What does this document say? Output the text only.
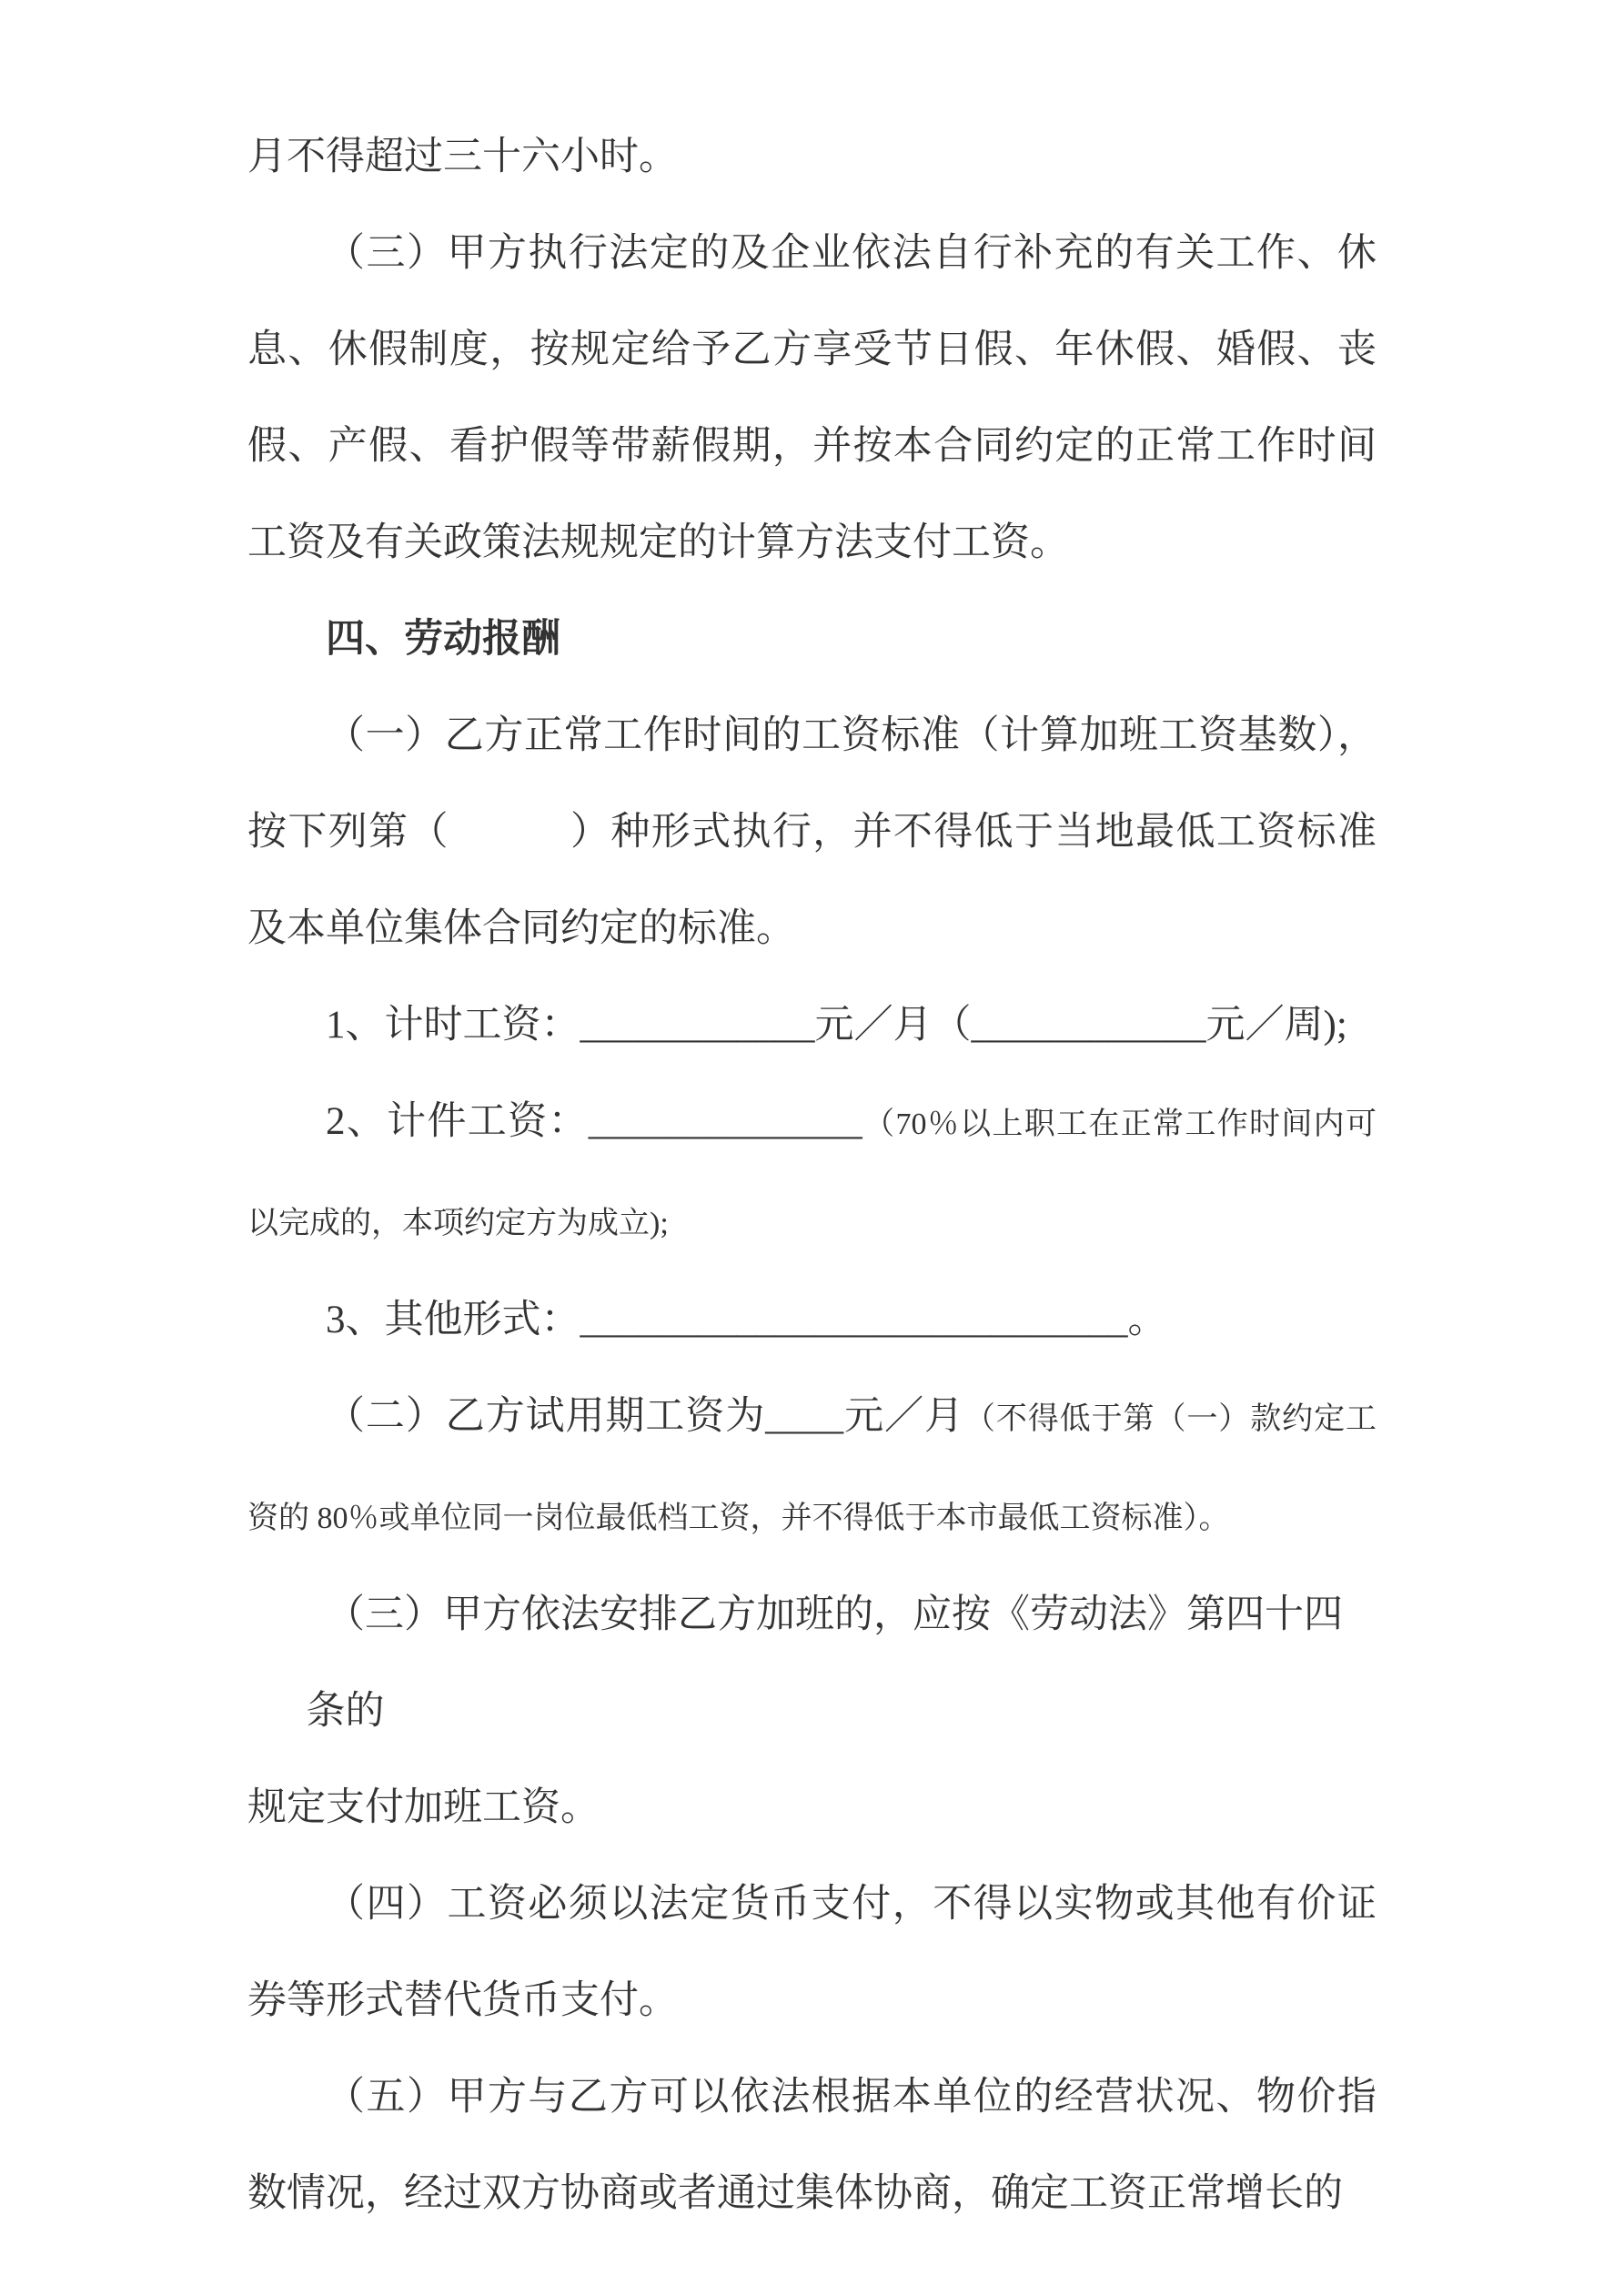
月不得超过三十六小时。

（三）甲方执行法定的及企业依法自行补充的有关工作、休息、休假制度，按规定给予乙方享受节日假、年休假、婚假、丧假、产假、看护假等带薪假期，并按本合同约定的正常工作时间工资及有关政策法规规定的计算方法支付工资。

四、劳动报酬

（一）乙方正常工作时间的工资标准（计算加班工资基数），按下列第（　　　）种形式执行，并不得低于当地最低工资标准及本单位集体合同约定的标准。

1、计时工资：____________元／月（____________元／周);

2、计件工资：______________（70％以上职工在正常工作时间内可以完成的，本项约定方为成立);

3、其他形式：____________________________。

（二）乙方试用期工资为____元／月（不得低于第（一）款约定工资的 80％或单位同一岗位最低档工资，并不得低于本市最低工资标准）。

（三）甲方依法安排乙方加班的，应按《劳动法》第四十四

条的

规定支付加班工资。

（四）工资必须以法定货币支付，不得以实物或其他有价证券等形式替代货币支付。

（五）甲方与乙方可以依法根据本单位的经营状况、物价指数情况，经过双方协商或者通过集体协商，确定工资正常增长的
